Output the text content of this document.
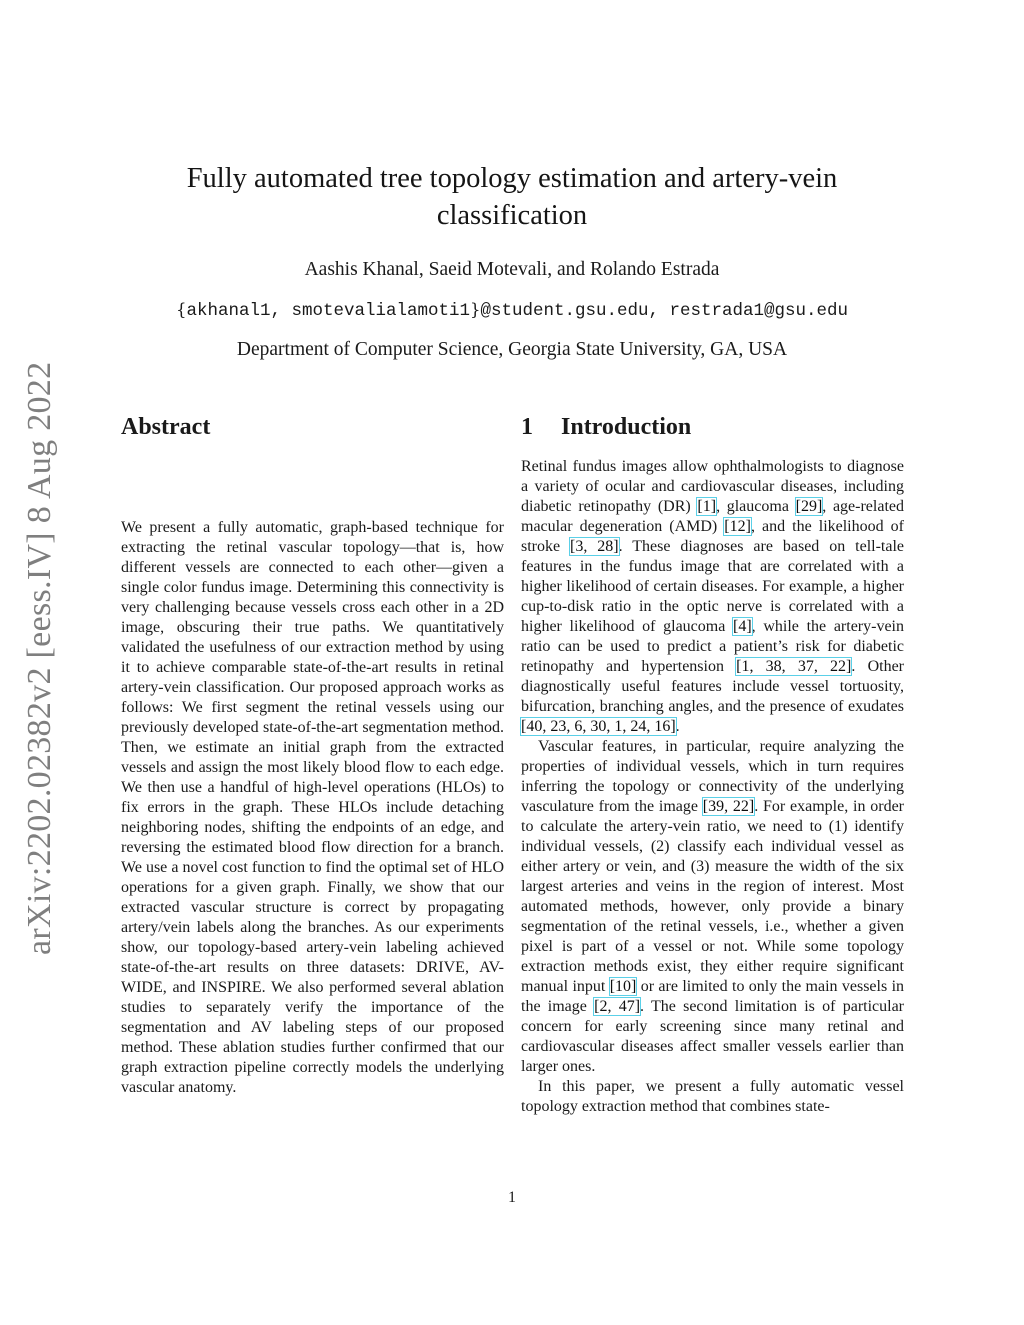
arXiv:2202.02382v2 [eess.IV] 8 Aug 2022
Fully automated tree topology estimation and artery-vein classification
Aashis Khanal, Saeid Motevali, and Rolando Estrada
{akhanal1, smotevalialamoti1}@student.gsu.edu, restrada1@gsu.edu
Department of Computer Science, Georgia State University, GA, USA
Abstract

We present a fully automatic, graph-based technique for extracting the retinal vascular topology—that is, how different vessels are connected to each other—given a single color fundus image. Determining this connectivity is very challenging because vessels cross each other in a 2D image, obscuring their true paths. We quantitatively validated the usefulness of our extraction method by using it to achieve comparable state-of-the-art results in retinal artery-vein classification. Our proposed approach works as follows: We first segment the retinal vessels using our previously developed state-of-the-art segmentation method. Then, we estimate an initial graph from the extracted vessels and assign the most likely blood flow to each edge. We then use a handful of high-level operations (HLOs) to fix errors in the graph. These HLOs include detaching neighboring nodes, shifting the endpoints of an edge, and reversing the estimated blood flow direction for a branch. We use a novel cost function to find the optimal set of HLO operations for a given graph. Finally, we show that our extracted vascular structure is correct by propagating artery/vein labels along the branches. As our experiments show, our topology-based artery-vein labeling achieved state-of-the-art results on three datasets: DRIVE, AV-WIDE, and INSPIRE. We also performed several ablation studies to separately verify the importance of the segmentation and AV labeling steps of our proposed method. These ablation studies further confirmed that our graph extraction pipeline correctly models the underlying vascular anatomy.

1 Introduction

Retinal fundus images allow ophthalmologists to diagnose a variety of ocular and cardiovascular diseases, including diabetic retinopathy (DR) [1], glaucoma [29], age-related macular degeneration (AMD) [12], and the likelihood of stroke [3, 28]. These diagnoses are based on tell-tale features in the fundus image that are correlated with a higher likelihood of certain diseases. For example, a higher cup-to-disk ratio in the optic nerve is correlated with a higher likelihood of glaucoma [4], while the artery-vein ratio can be used to predict a patient’s risk for diabetic retinopathy and hypertension [1, 38, 37, 22]. Other diagnostically useful features include vessel tortuosity, bifurcation, branching angles, and the presence of exudates [40, 23, 6, 30, 1, 24, 16].

Vascular features, in particular, require analyzing the properties of individual vessels, which in turn requires inferring the topology or connectivity of the underlying vasculature from the image [39, 22]. For example, in order to calculate the artery-vein ratio, we need to (1) identify individual vessels, (2) classify each individual vessel as either artery or vein, and (3) measure the width of the six largest arteries and veins in the region of interest. Most automated methods, however, only provide a binary segmentation of the retinal vessels, i.e., whether a given pixel is part of a vessel or not. While some topology extraction methods exist, they either require significant manual input [10] or are limited to only the main vessels in the image [2, 47]. The second limitation is of particular concern for early screening since many retinal and cardiovascular diseases affect smaller vessels earlier than larger ones.

In this paper, we present a fully automatic vessel topology extraction method that combines state-

1
